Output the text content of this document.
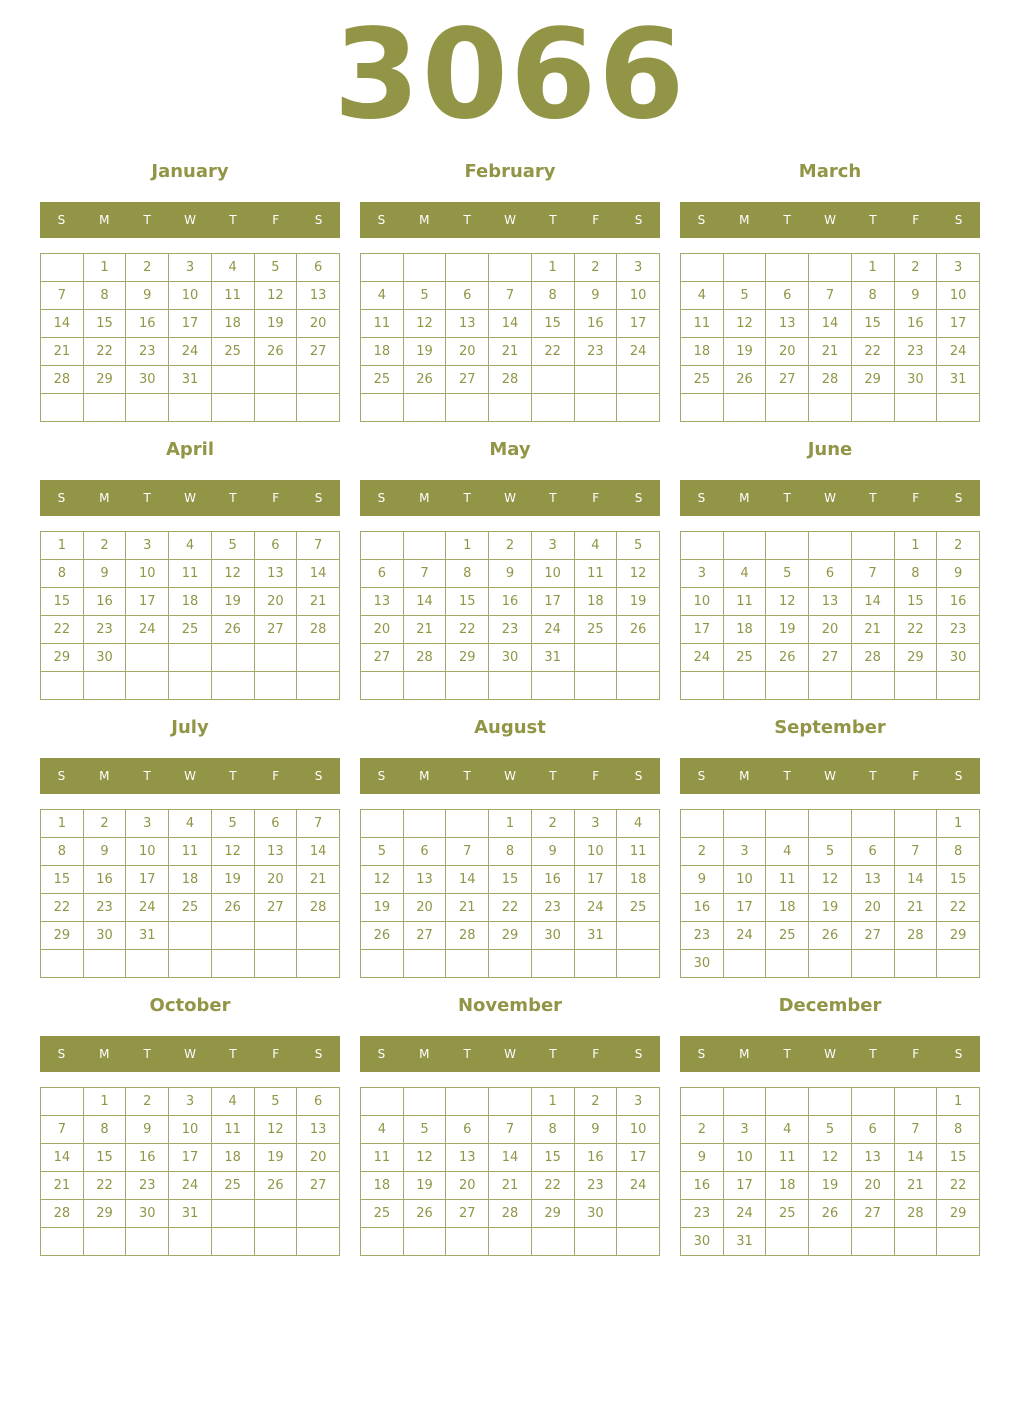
3066
January
S	M	T	W	T	F	S
	1	2	3	4	5	6
7	8	9	10	11	12	13
14	15	16	17	18	19	20
21	22	23	24	25	26	27
28	29	30	31			

February
S	M	T	W	T	F	S
				1	2	3
4	5	6	7	8	9	10
11	12	13	14	15	16	17
18	19	20	21	22	23	24
25	26	27	28			

March
S	M	T	W	T	F	S
				1	2	3
4	5	6	7	8	9	10
11	12	13	14	15	16	17
18	19	20	21	22	23	24
25	26	27	28	29	30	31

April
S	M	T	W	T	F	S
1	2	3	4	5	6	7
8	9	10	11	12	13	14
15	16	17	18	19	20	21
22	23	24	25	26	27	28
29	30					

May
S	M	T	W	T	F	S
		1	2	3	4	5
6	7	8	9	10	11	12
13	14	15	16	17	18	19
20	21	22	23	24	25	26
27	28	29	30	31		

June
S	M	T	W	T	F	S
					1	2
3	4	5	6	7	8	9
10	11	12	13	14	15	16
17	18	19	20	21	22	23
24	25	26	27	28	29	30

July
S	M	T	W	T	F	S
1	2	3	4	5	6	7
8	9	10	11	12	13	14
15	16	17	18	19	20	21
22	23	24	25	26	27	28
29	30	31				

August
S	M	T	W	T	F	S
			1	2	3	4
5	6	7	8	9	10	11
12	13	14	15	16	17	18
19	20	21	22	23	24	25
26	27	28	29	30	31	

September
S	M	T	W	T	F	S
						1
2	3	4	5	6	7	8
9	10	11	12	13	14	15
16	17	18	19	20	21	22
23	24	25	26	27	28	29
30						
October
S	M	T	W	T	F	S
	1	2	3	4	5	6
7	8	9	10	11	12	13
14	15	16	17	18	19	20
21	22	23	24	25	26	27
28	29	30	31			

November
S	M	T	W	T	F	S
				1	2	3
4	5	6	7	8	9	10
11	12	13	14	15	16	17
18	19	20	21	22	23	24
25	26	27	28	29	30	

December
S	M	T	W	T	F	S
						1
2	3	4	5	6	7	8
9	10	11	12	13	14	15
16	17	18	19	20	21	22
23	24	25	26	27	28	29
30	31					
